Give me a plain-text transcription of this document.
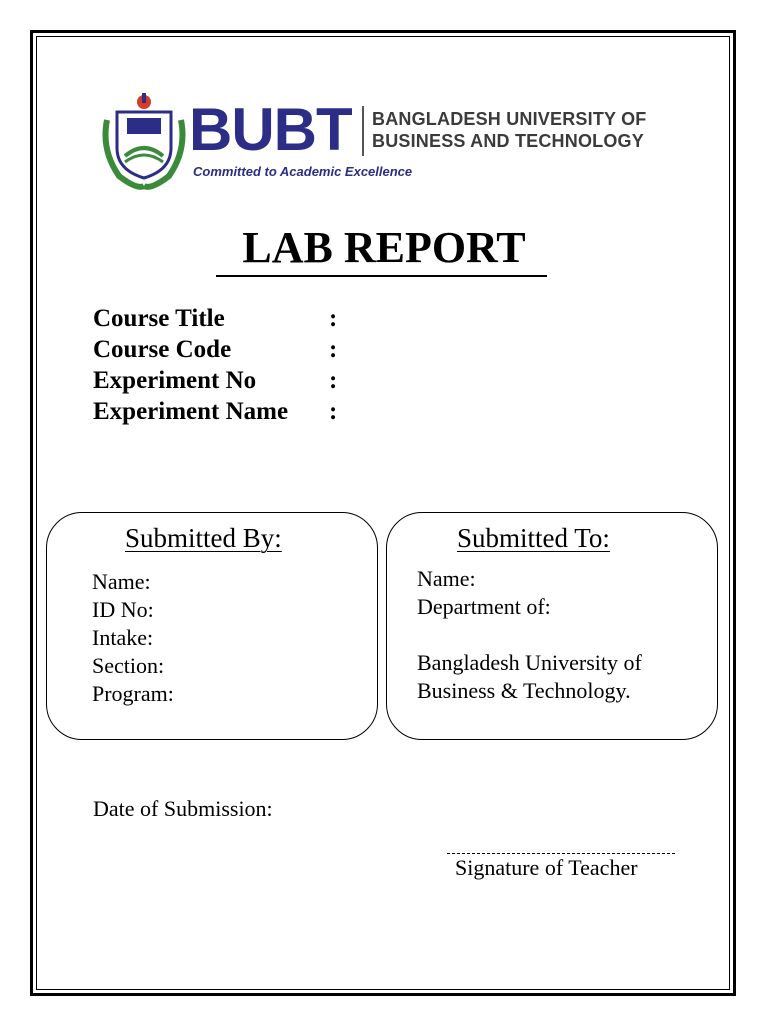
BUBT BANGLADESH UNIVERSITY OF
BUSINESS AND TECHNOLOGY
Committed to Academic Excellence
LAB REPORT
Course Title	:
Course Code	:
Experiment No	:
Experiment Name :
Submitted By:
Name:
ID No:
Intake:
Section:
Program:
Submitted To:
Name:
Department of:
Bangladesh University of
Business & Technology.
Date of Submission:
Signature of Teacher
